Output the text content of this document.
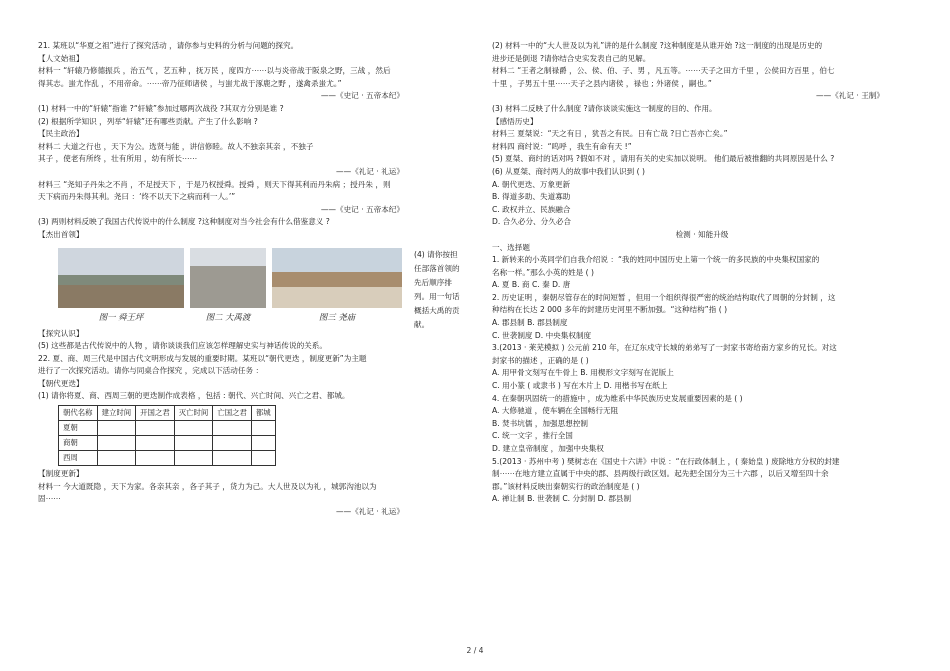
21. 某班以“华夏之祖”进行了探究活动 ，请你参与史料的分析与问题的探究。
【人文始祖】
材料一 “轩辕乃修德振兵 ，治五气 ，艺五种 ，抚万民 ，度四方⋯⋯以与炎帝战于阪泉之野，三战 ，然后
得其志。蚩尤作乱 ，不用帝命。⋯⋯帝乃征师诸侯 ，与蚩尤战于涿鹿之野 ，遂禽杀蚩尤。”
——《史记 · 五帝本纪》
(1) 材料一中的“轩辕”指谁 ?“轩辕”参加过哪两次战役 ?其双方分别是谁 ?
(2) 根据所学知识 ，列举“轩辕”还有哪些贡献。产生了什么影响 ?
【民主政治】
材料二 大道之行也 ，天下为公。选贤与能 ，讲信修睦。故人不独亲其亲 ，不独子
其子 ，使老有所终 ，壮有所用 ，幼有所长⋯⋯
——《礼记 · 礼运》
材料三 “尧知子丹朱之不肖 ，不足授天下 ，于是乃权授舜。授舜 ，则天下得其利而丹朱病 ；授丹朱 ，则
天下病而丹朱得其利。尧曰 ：‘终不以天下之病而利一人。’”
——《史记 · 五帝本纪》
(3) 两则材料反映了我国古代传说中的什么制度 ?这种制度对当今社会有什么借鉴意义 ?
【杰出首领】
图一 舜王坪	图二 大禹渡	图三 尧庙
(4) 请你按担
任部落首领的
先后顺序排
列。用一句话
概括大禹的贡
献。
【探究认识】
(5) 这些都是古代传说中的人物 ，请你谈谈我们应该怎样理解史实与神话传说的关系。
22. 夏、商、周三代是中国古代文明形成与发展的重要时期。某班以“朝代更迭 ，制度更新”为主题
进行了一次探究活动。请你与同桌合作探究 ，完成以下活动任务 ：
【朝代更迭】
(1) 请你将夏、商、西周三朝的更迭制作成表格 ，包括 : 朝代、兴亡时间、兴亡之君、都城。
朝代名称	建立时间	开国之君	灭亡时间	亡国之君	都城
夏朝					
商朝					
西周					
【制度更新】
材料一 今大道既隐 ，天下为家。各亲其亲 ，各子其子 ，货力为己。大人世及以为礼 ，城郭沟池以为
固⋯⋯
——《礼记 · 礼运》
(2) 材料一中的“大人世及以为礼”讲的是什么制度 ?这种制度是从谁开始 ?这一制度的出现是历史的
进步还是倒退 ?请你结合史实发表自己的见解。
材料二 “王者之制禄爵 ，公、侯、伯、子、男 ，凡五等。⋯⋯天子之田方千里 ，公侯田方百里 ，伯七
十里 ，子男五十里⋯⋯天子之县内诸侯 ，禄也 ; 外诸侯 ，嗣也。”
——《礼记 · 王制》
(3) 材料二反映了什么制度 ?请你谈谈实施这一制度的目的、作用。
【感悟历史】
材料三 夏桀说：“天之有日 ，犹吾之有民。日有亡哉 ?日亡吾亦亡矣。”
材料四 商纣说：“呜呼 ，我生有命有天 !”
(5) 夏桀、商纣的话对吗 ?假如不对 ，请用有关的史实加以说明。 他们最后被推翻的共同原因是什么 ?
(6) 从夏桀、商纣两人的故事中我们认识到 ( )
A. 朝代更迭、万象更新
B. 得道多助、失道寡助
C. 政权并立、民族融合
D. 合久必分、分久必合
检测 · 知能升级
一、选择题
1. 新转来的小英同学们自我介绍说 ：“我的姓同中国历史上第一个统一的多民族的中央集权国家的
名称一样。”那么小英的姓是 ( )
A. 夏 B. 商 C. 秦 D. 唐
2. 历史证明 ，秦朝尽管存在的时间短暂 ，但用一个组织得很严密的统治结构取代了周朝的分封制 ，这
种结构在长达 2 000 多年的封建历史河里不断加强。“这种结构”指 ( )
A. 郡县制 B. 郡县制度
C. 世袭制度 D. 中央集权制度
3.(2013 · 莱芜模拟 ) 公元前 210 年，在辽东戍守长城的弟弟写了一封家书寄给南方家乡的兄长。对这
封家书的描述 ，正确的是 ( )
A. 用甲骨文刻写在牛骨上 B. 用楔形文字刻写在泥版上
C. 用小篆 ( 或隶书 ) 写在木片上 D. 用楷书写在纸上
4. 在秦朝巩固统一的措施中 ，成为维系中华民族历史发展重要因素的是 ( )
A. 大修驰道 ，使车辆在全国畅行无阻
B. 焚书坑儒 ，加强思想控制
C. 统一文字 ，推行全国
D. 建立皇帝制度 ，加强中央集权
5.(2013 · 苏州中考 ) 樊树志在《国史十六讲》中说 ：“在行政体制上 ，( 秦始皇 ) 废除地方分权的封建
制⋯⋯在地方建立直属于中央的郡、县两级行政区划。起先把全国分为三十六郡 ，以后又增至四十余
郡。”该材料反映出秦朝实行的政治制度是 ( )
A. 禅让制 B. 世袭制 C. 分封制 D. 郡县制
2 / 4
